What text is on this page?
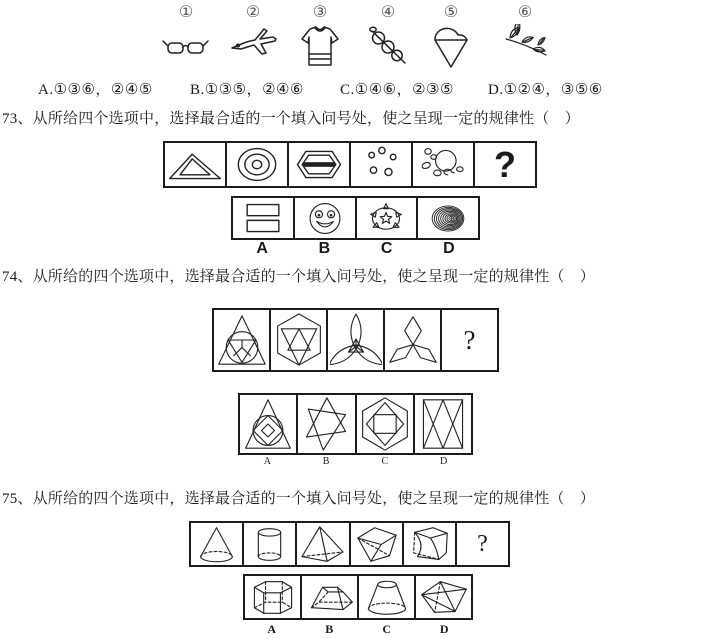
①	②	③	④	⑤	⑥
A.①③⑥，②④⑤ B.①③⑤，②④⑥ C.①④⑥，②③⑤ D.①②④，③⑤⑥
73、从所给四个选项中，选择最合适的一个填入问号处，使之呈现一定的规律性（　）
?
A	B	C	D
74、从所给的四个选项中，选择最合适的一个填入问号处，使之呈现一定的规律性（　）
?
A	B	C	D
75、从所给的四个选项中，选择最合适的一个填入问号处，使之呈现一定的规律性（　）
?
A	B	C	D
